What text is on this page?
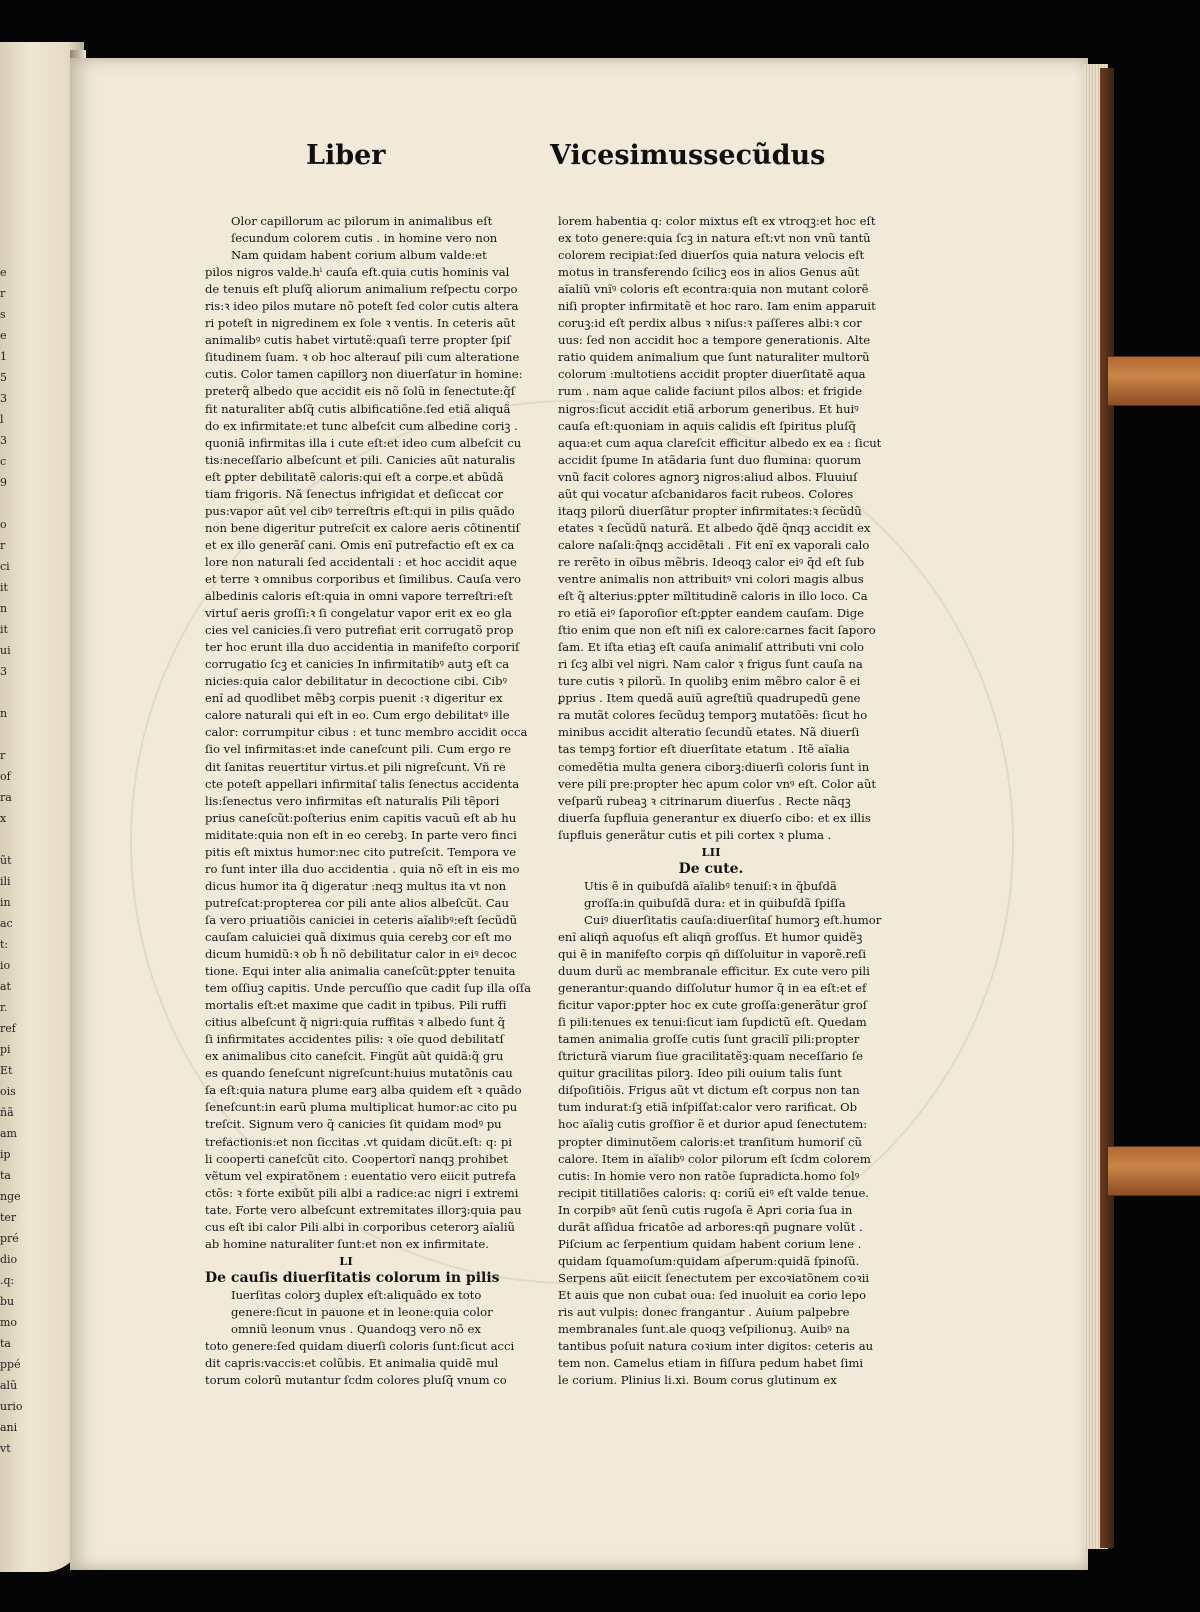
e
r
s
e
1
5
3
l
3
c
9

o
r
ci
it
n
it
ui
3

n

r
of
ra
x

ũt
ili
in
ac
t:
io
at
r.
ref
pi
Et
ois
ñã
am
ip
ta
nge
ter
pré
dio
.q:
bu
mo
ta
ppé
alũ
urio
ani
vt
Liber	Vicesimussecũdus
Olor capillorum ac pilorum in animalibus eſt
ſecundum colorem cutis . in homine vero non
Nam quidam habent corium album valde:et
pilos nigros valde.hⁱ cauſa eſt.quia cutis hominis val
de tenuis eſt pluſq̃ aliorum animalium reſpectu corpo
ris:ꝛ ideo pilos mutare nõ poteſt ſed color cutis altera
ri poteſt in nigredinem ex ſole ꝛ ventis. In ceteris aũt
animalibꝰ cutis habet virtutẽ:quaſi terre propter ſpiſ
ſitudinem ſuam. ꝛ ob hoc alterauſ pili cum alteratione
cutis. Color tamen capillorꝫ non diuerſatur in homine:
preterq̃ albedo que accidit eis nõ ſolũ in ſenectute:q̃ſ
fit naturaliter abſq̃ cutis albificatiõne.ſed etiã aliquã
do ex infirmitate:et tunc albeſcit cum albedine coriꝫ .
quoniã infirmitas illa i cute eſt:et ideo cum albeſcit cu
tis:neceſſario albeſcunt et pili. Canicies aũt naturalis
eſt ꝑpter debilitatẽ caloris:qui eſt a corpe.et abũdã
tiam frigoris. Nã ſenectus infrigidat et deſiccat cor
pus:vapor aũt vel cibꝰ terreſtris eſt:qui in pilis quãdo
non bene digeritur putreſcit ex calore aeris cõtinentiſ
et ex illo generãſ cani. Omis enĩ putrefactio eſt ex ca
lore non naturali ſed accidentali : et hoc accidit aque
et terre ꝛ omnibus corporibus et ſimilibus. Cauſa vero
albedinis caloris eſt:quia in omni vapore terreſtri:eſt
virtuſ aeris groſſi:ꝛ ſi congelatur vapor erit ex eo gla
cies vel canicies.ſi vero putrefiat erit corrugatõ prop
ter hoc erunt illa duo accidentia in manifeſto corporiſ
corrugatio ſcꝫ et canicies In infirmitatibꝰ autꝫ eſt ca
nicies:quia calor debilitatur in decoctione cibi. Cibꝰ
enĩ ad quodlibet mẽbꝫ corpis puenit :ꝛ digeritur ex
calore naturali qui eſt in eo. Cum ergo debilitatꝰ ille
calor: corrumpitur cibus : et tunc membro accidit occa
ſio vel infirmitas:et inde caneſcunt pili. Cum ergo re
dit ſanitas reuertitur virtus.et pili nigreſcunt. Vñ re
cte poteſt appellari infirmitaſ talis ſenectus accidenta
lis:ſenectus vero infirmitas eſt naturalis Pili tẽpori
prius caneſcũt:poſterius enim capitis vacuũ eſt ab hu
miditate:quia non eſt in eo cerebꝫ. In parte vero finci
pitis eſt mixtus humor:nec cito putreſcit. Tempora ve
ro ſunt inter illa duo accidentia . quia nõ eſt in eis mo
dicus humor ita q̃ digeratur :neqꝫ multus ita vt non
putreſcat:propterea cor pili ante alios albeſcũt. Cau
ſa vero priuatiõis caniciei in ceteris aĩalibꝰ:eſt ſecũdũ
cauſam caluiciei quã diximus quia cerebꝫ cor eſt mo
dicum humidũ:ꝛ ob h̃ nõ debilitatur calor in eiꝰ decoc
tione. Equi inter alia animalia caneſcũt:ꝑpter tenuita
tem oſſiuꝫ capitis. Unde percuſſio que cadit ſup illa oſſa
mortalis eſt:et maxime que cadit in tpibus. Pili ruffi
citius albeſcunt q̃ nigri:quia ruffitas ꝛ albedo ſunt q̃
ſi infirmitates accidentes pilis: ꝛ oĩe quod debilitatſ
ex animalibus cito caneſcit. Fingũt aũt quidã:q̃ gru
es quando ſeneſcunt nigreſcunt:huius mutatõnis cau
ſa eſt:quia natura plume earꝫ alba quidem eſt ꝛ quãdo
ſeneſcunt:in earũ pluma multiplicat humor:ac cito pu
treſcit. Signum vero q̃ canicies ſit quidam modꝰ pu
trefactionis:et non ſiccitas .vt quidam dicũt.eſt: q: pi
li cooperti caneſcũt cito. Coopertorĩ nanqꝫ prohibet
vẽtum vel expiratõnem : euentatio vero eiicit putrefa
ctõs: ꝛ forte exibũt pili albi a radice:ac nigri i extremi
tate. Forte vero albeſcunt extremitates illorꝫ:quia pau
cus eſt ibi calor Pili albi in corporibus ceterorꝫ aĩaliũ
ab homine naturaliter ſunt:et non ex infirmitate.
LI
De cauſis diuerſitatis colorum in pilis
Iuerſitas colorꝫ duplex eſt:aliquãdo ex toto
genere:ſicut in pauone et in leone:quia color
omniũ leonum vnus . Quandoqꝫ vero nõ ex
toto genere:ſed quidam diuerſi coloris ſunt:ſicut acci
dit capris:vaccis:et colũbis. Et animalia quidẽ mul
torum colorũ mutantur ſcdm colores pluſq̃ vnum co
lorem habentia q: color mixtus eſt ex vtroqꝫ:et hoc eſt
ex toto genere:quia ſcꝫ in natura eſt:vt non vnũ tantũ
colorem recipiat:ſed diuerſos quia natura velocis eſt
motus in transferendo ſcilicꝫ eos in alios Genus aũt
aĩaliũ vnĩꝰ coloris eſt econtra:quia non mutant colorẽ
niſi propter infirmitatẽ et hoc raro. Iam enim apparuit
coruꝫ:id eſt perdix albus ꝛ niſus:ꝛ paſſeres albi:ꝛ cor
uus: ſed non accidit hoc a tempore generationis. Alte
ratio quidem animalium que ſunt naturaliter multorũ
colorum :multotiens accidit propter diuerſitatẽ aqua
rum . nam aque calide faciunt pilos albos: et frigide
nigros:ſicut accidit etiã arborum generibus. Et huiꝰ
cauſa eſt:quoniam in aquis calidis eſt ſpiritus pluſq̃
aqua:et cum aqua clareſcit efficitur albedo ex ea : ſicut
accidit ſpume In atãdaria ſunt duo flumina: quorum
vnũ facit colores agnorꝫ nigros:aliud albos. Fluuiuſ
aũt qui vocatur aſcbanidaros facit rubeos. Colores
itaqꝫ pilorũ diuerſãtur propter infirmitates:ꝛ ſecũdũ
etates ꝛ ſecũdũ naturã. Et albedo q̃dẽ q̃nqꝫ accidit ex
calore naſali:q̃nqꝫ accidẽtali . Fit enĩ ex vaporali calo
re rerẽto in oĩbus mẽbris. Ideoqꝫ calor eiꝰ q̃d eſt ſub
ventre animalis non attribuitꝰ vni colori magis albus
eſt q̃ alterius:ꝑpter mĩltitudinẽ caloris in illo loco. Ca
ro etiã eiꝰ ſaporoſior eſt:ꝑpter eandem cauſam. Dige
ſtio enim que non eſt niſi ex calore:carnes facit ſaporo
ſam. Et iſta etiaꝫ eſt cauſa animaliſ attributi vni colo
ri ſcꝫ albi vel nigri. Nam calor ꝛ frigus ſunt cauſa na
ture cutis ꝛ pilorũ. In quolibꝫ enim mẽbro calor ẽ ei
ꝑprius . Item quedã auiũ agreſtiũ quadrupedũ gene
ra mutãt colores ſecũduꝫ temporꝫ mutatõẽs: ſicut ho
minibus accidit alteratio ſecundũ etates. Nã diuerſi
tas tempꝫ fortior eſt diuerſitate etatum . Itẽ aĩalia
comedẽtia multa genera ciborꝫ:diuerſi coloris ſunt in
vere pili pre:propter hec apum color vnꝰ eſt. Color aũt
veſparũ rubeaꝫ ꝛ citrinarum diuerſus . Recte nãqꝫ
diuerſa ſupfluia generantur ex diuerſo cibo: et ex illis
ſupfluis generãtur cutis et pili cortex ꝛ pluma .
LII
De cute.
Utis ẽ in quibuſdã aĩalibꝰ tenuiſ:ꝛ in q̃buſdã
groſſa:in quibuſdã dura: et in quibuſdã ſpiſſa
Cuiꝰ diuerſitatis cauſa:diuerſitaſ humorꝫ eſt.humor
enĩ aliqñ aquoſus eſt aliqñ groſſus. Et humor quidẽꝫ
qui ẽ in manifeſto corpis qñ diſſoluitur in vaporẽ.reſi
duum durũ ac membranale efficitur. Ex cute vero pili
generantur:quando diſſolutur humor q̃ in ea eſt:et ef
ficitur vapor:ꝑpter hoc ex cute groſſa:generãtur groſ
ſi pili:tenues ex tenui:ſicut iam ſupdictũ eſt. Quedam
tamen animalia groſſe cutis ſunt gracilĩ pili:propter
ſtricturã viarum ſiue gracilitatẽꝫ:quam neceſſario ſe
quitur gracilitas pilorꝫ. Ideo pili ouium talis ſunt
diſpoſitiõis. Frigus aũt vt dictum eſt corpus non tan
tum indurat:ſꝫ etiã inſpiſſat:calor vero rarificat. Ob
hoc aĩaliꝫ cutis groſſior ẽ et durior apud ſenectutem:
propter diminutõem caloris:et tranſitum humoriſ cũ
calore. Item in aĩalibꝰ color pilorum eſt ſcdm colorem
cutis: In homie vero non ratõe ſupradicta.homo ſolꝰ
recipit titillatiões caloris: q: coriũ eiꝰ eſt valde tenue.
In corpibꝰ aũt ſenũ cutis rugoſa ẽ Apri coria ſua in
durãt aſſidua fricatõe ad arbores:qñ pugnare volũt .
Piſcium ac ſerpentium quidam habent corium lene .
quidam ſquamoſum:quidam aſperum:quidã ſpinoſũ.
Serpens aũt eiicit ſenectutem per excoꝛiatõnem coꝛii
Et auis que non cubat oua: ſed inuoluit ea corio lepo
ris aut vulpis: donec frangantur . Auium palpebre
membranales ſunt.ale quoqꝫ veſpilionuꝫ. Auibꝰ na
tantibus poſuit natura coꝛium inter digitos: ceteris au
tem non. Camelus etiam in fiſſura pedum habet ſimi
le corium. Plinius li.xi. Boum corus glutinum ex
